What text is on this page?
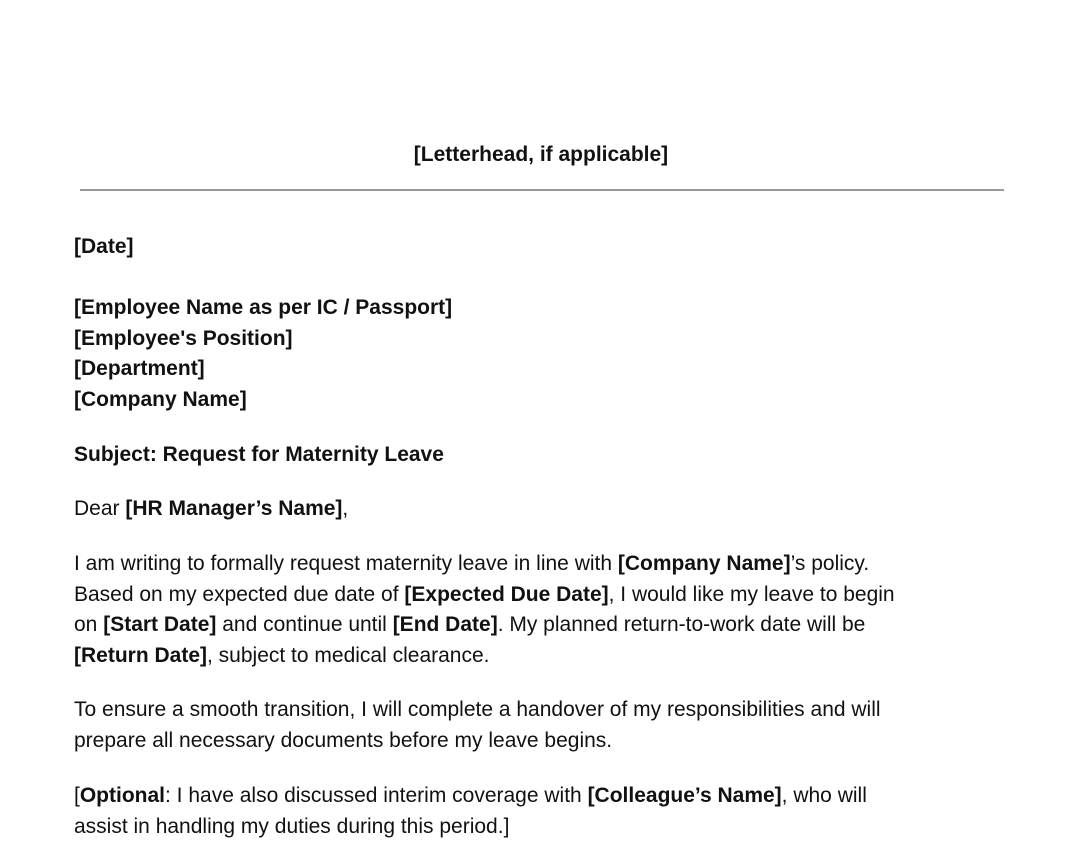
[Letterhead, if applicable]
[Date]
[Employee Name as per IC / Passport]
[Employee's Position]
[Department]
[Company Name]
Subject: Request for Maternity Leave
Dear [HR Manager’s Name],
I am writing to formally request maternity leave in line with [Company Name]’s policy.
Based on my expected due date of [Expected Due Date], I would like my leave to begin
on [Start Date] and continue until [End Date]. My planned return-to-work date will be
[Return Date], subject to medical clearance.
To ensure a smooth transition, I will complete a handover of my responsibilities and will
prepare all necessary documents before my leave begins.
[Optional: I have also discussed interim coverage with [Colleague’s Name], who will
assist in handling my duties during this period.]
